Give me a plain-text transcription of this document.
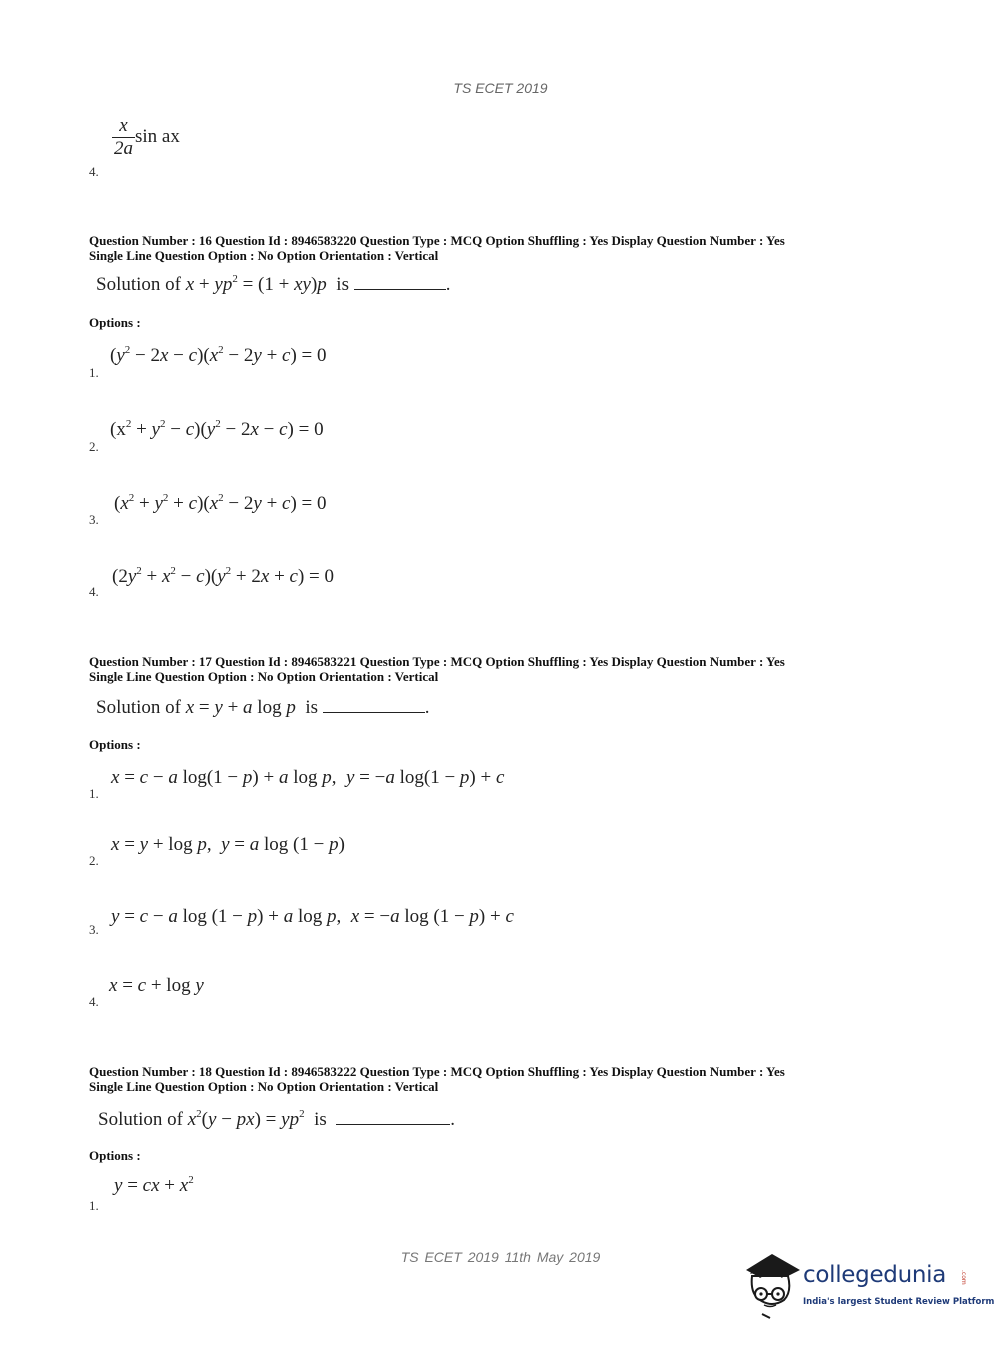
TS ECET 2019
$\frac{x}{2a}$ sin ax
4.
Question Number : 16 Question Id : 8946583220 Question Type : MCQ Option Shuffling : Yes Display Question Number : Yes
Single Line Question Option : No Option Orientation : Vertical
Solution of $x + yp^2 = (1 + xy)p$ is	.
Options :
$(y^2 - 2x - c)(x^2 - 2y + c) = 0$
1.
$(x^2 + y^2 - c)(y^2 - 2x - c) = 0$
2.
$(x^2 + y^2 + c)(x^2 - 2y + c) = 0$
3.
$(2y^2 + x^2 - c)(y^2 + 2x + c) = 0$
4.
Question Number : 17 Question Id : 8946583221 Question Type : MCQ Option Shuffling : Yes Display Question Number : Yes
Single Line Question Option : No Option Orientation : Vertical
Solution of x = y + a log p is	.
Options :
x = c − a log(1 − p) + a log p,  y = −a log(1 − p) + c
1.
x = y + log p,  y = a log (1 − p)
2.
y = c − a log (1 − p) + a log p,  x = −a log (1 − p) + c
3.
x = c + log y
4.
Question Number : 18 Question Id : 8946583222 Question Type : MCQ Option Shuffling : Yes Display Question Number : Yes
Single Line Question Option : No Option Orientation : Vertical
Solution of $x^2(y - px) = yp^2$ is	.
Options :
y = cx + $x^2$
1.
TS ECET 2019 11th May 2019
collegedunia .com
India's largest Student Review Platform
